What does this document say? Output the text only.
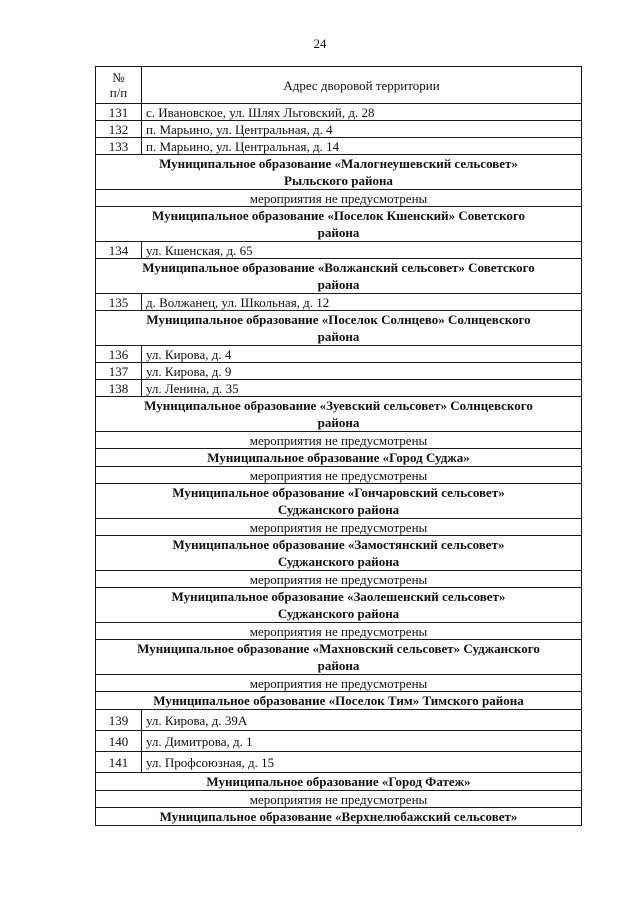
24
№
п/п	Адрес дворовой территории
131	с. Ивановское, ул. Шлях Льговский, д. 28
132	п. Марьино, ул. Центральная, д. 4
133	п. Марьино, ул. Центральная, д. 14
Муниципальное образование «Малогнеушевский сельсовет»
Рыльского района	
мероприятия не предусмотрены	
Муниципальное образование «Поселок Кшенский» Советского
района	
134	ул. Кшенская, д. 65
Муниципальное образование «Волжанский сельсовет» Советского
района	
135	д. Волжанец, ул. Школьная, д. 12
Муниципальное образование «Поселок Солнцево» Солнцевского
района	
136	ул. Кирова, д. 4
137	ул. Кирова, д. 9
138	ул. Ленина, д. 35
Муниципальное образование «Зуевский сельсовет» Солнцевского
района	
мероприятия не предусмотрены	
Муниципальное образование «Город Суджа»	
мероприятия не предусмотрены	
Муниципальное образование «Гончаровский сельсовет»
Суджанского района	
мероприятия не предусмотрены	
Муниципальное образование «Замостянский сельсовет»
Суджанского района	
мероприятия не предусмотрены	
Муниципальное образование «Заолешенский сельсовет»
Суджанского района	
мероприятия не предусмотрены	
Муниципальное образование «Махновский сельсовет» Суджанского
района	
мероприятия не предусмотрены	
Муниципальное образование «Поселок Тим» Тимского района	
139	ул. Кирова, д. 39А
140	ул. Димитрова, д. 1
141	ул. Профсоюзная, д. 15
Муниципальное образование «Город Фатеж»	
мероприятия не предусмотрены	
Муниципальное образование «Верхнелюбажский сельсовет»	
